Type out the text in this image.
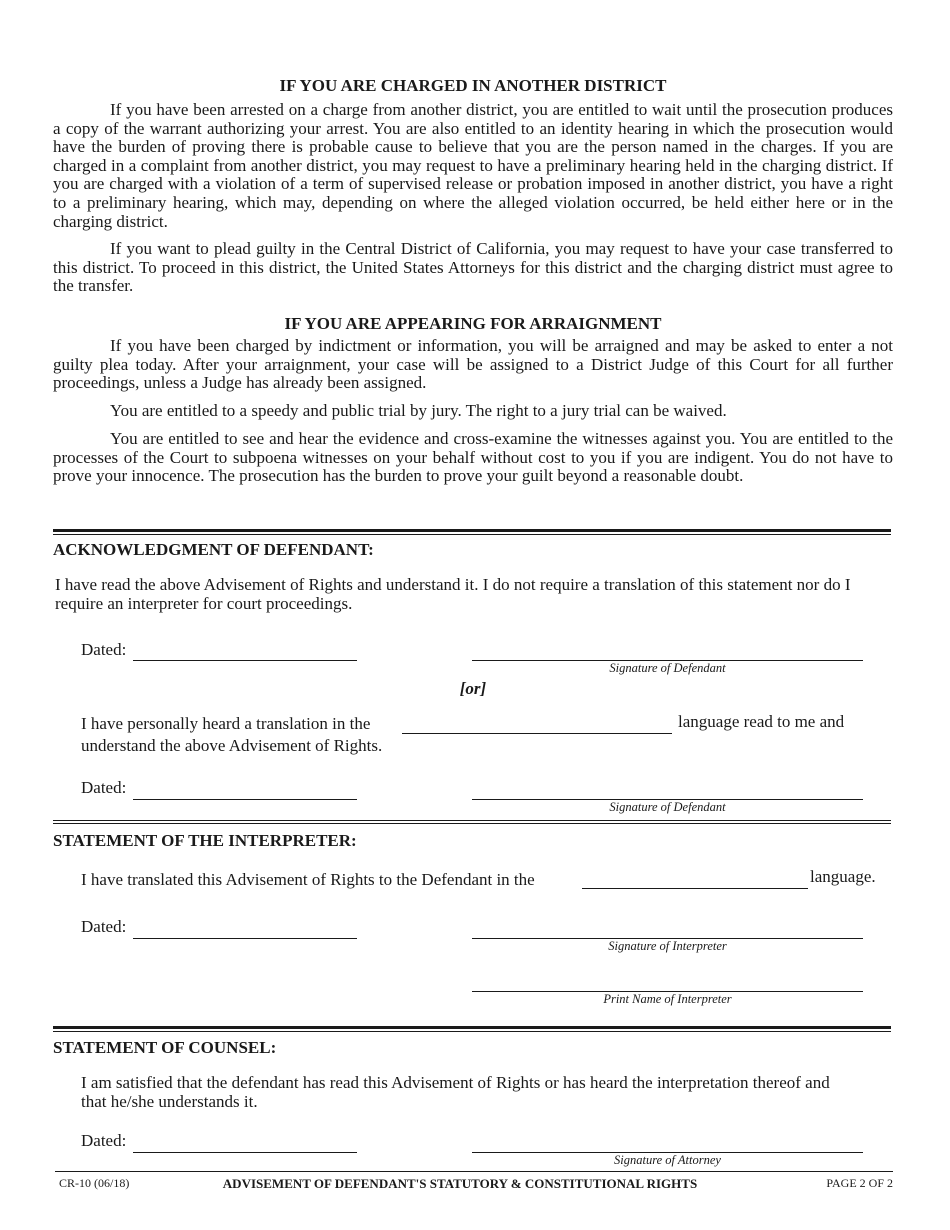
IF YOU ARE CHARGED IN ANOTHER DISTRICT

If you have been arrested on a charge from another district, you are entitled to wait until the prosecution produces a copy of the warrant authorizing your arrest. You are also entitled to an identity hearing in which the prosecution would have the burden of proving there is probable cause to believe that you are the person named in the charges. If you are charged in a complaint from another district, you may request to have a preliminary hearing held in the charging district. If you are charged with a violation of a term of supervised release or probation imposed in another district, you have a right to a preliminary hearing, which may, depending on where the alleged violation occurred, be held either here or in the charging district.

If you want to plead guilty in the Central District of California, you may request to have your case transferred to this district. To proceed in this district, the United States Attorneys for this district and the charging district must agree to the transfer.

IF YOU ARE APPEARING FOR ARRAIGNMENT

If you have been charged by indictment or information, you will be arraigned and may be asked to enter a not guilty plea today. After your arraignment, your case will be assigned to a District Judge of this Court for all further proceedings, unless a Judge has already been assigned.

You are entitled to a speedy and public trial by jury. The right to a jury trial can be waived.

You are entitled to see and hear the evidence and cross-examine the witnesses against you. You are entitled to the processes of the Court to subpoena witnesses on your behalf without cost to you if you are indigent. You do not have to prove your innocence. The prosecution has the burden to prove your guilt beyond a reasonable doubt.

ACKNOWLEDGMENT OF DEFENDANT:

I have read the above Advisement of Rights and understand it. I do not require a translation of this statement nor do I require an interpreter for court proceedings.

Dated:
Signature of Defendant
[or]
I have personally heard a translation in the	language read to me and
understand the above Advisement of Rights.
Dated:
Signature of Defendant
STATEMENT OF THE INTERPRETER:
I have translated this Advisement of Rights to the Defendant in the	language.
Dated:
Signature of Interpreter
Print Name of Interpreter
STATEMENT OF COUNSEL:

I am satisfied that the defendant has read this Advisement of Rights or has heard the interpretation thereof and that he/she understands it.

Dated:
Signature of Attorney
CR-10 (06/18)	ADVISEMENT OF DEFENDANT'S STATUTORY & CONSTITUTIONAL RIGHTS	PAGE 2 OF 2
